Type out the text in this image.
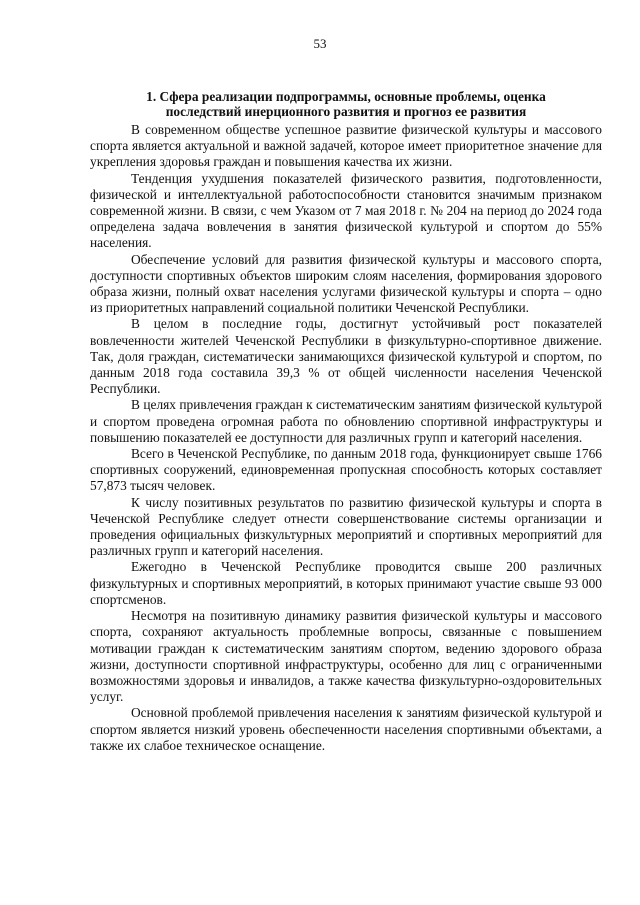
53
1. Сфера реализации подпрограммы, основные проблемы, оценка
последствий инерционного развития и прогноз ее развития

В современном обществе успешное развитие физической культуры и массового спорта является актуальной и важной задачей, которое имеет приоритетное значение для укрепления здоровья граждан и повышения качества их жизни.

Тенденция ухудшения показателей физического развития, подготовленности, физической и интеллектуальной работоспособности становится значимым признаком современной жизни. В связи, с чем Указом от 7 мая 2018 г. № 204 на период до 2024 года определена задача вовлечения в занятия физической культурой и спортом до 55% населения.

Обеспечение условий для развития физической культуры и массового спорта, доступности спортивных объектов широким слоям населения, формирования здорового образа жизни, полный охват населения услугами физической культуры и спорта – одно из приоритетных направлений социальной политики Чеченской Республики.

В целом в последние годы, достигнут устойчивый рост показателей вовлеченности жителей Чеченской Республики в физкультурно-спортивное движение. Так, доля граждан, систематически занимающихся физической культурой и спортом, по данным 2018 года составила 39,3 % от общей численности населения Чеченской Республики.

В целях привлечения граждан к систематическим занятиям физической культурой и спортом проведена огромная работа по обновлению спортивной инфраструктуры и повышению показателей ее доступности для различных групп и категорий населения.

Всего в Чеченской Республике, по данным 2018 года, функционирует свыше 1766 спортивных сооружений, единовременная пропускная способность которых составляет 57,873 тысяч человек.

К числу позитивных результатов по развитию физической культуры и спорта в Чеченской Республике следует отнести совершенствование системы организации и проведения официальных физкультурных мероприятий и спортивных мероприятий для различных групп и категорий населения.

Ежегодно в Чеченской Республике проводится свыше 200 различных физкультурных и спортивных мероприятий, в которых принимают участие свыше 93 000 спортсменов.

Несмотря на позитивную динамику развития физической культуры и массового спорта, сохраняют актуальность проблемные вопросы, связанные с повышением мотивации граждан к систематическим занятиям спортом, ведению здорового образа жизни, доступности спортивной инфраструктуры, особенно для лиц с ограниченными возможностями здоровья и инвалидов, а также качества физкультурно-оздоровительных услуг.

Основной проблемой привлечения населения к занятиям физической культурой и спортом является низкий уровень обеспеченности населения спортивными объектами, а также их слабое техническое оснащение.
